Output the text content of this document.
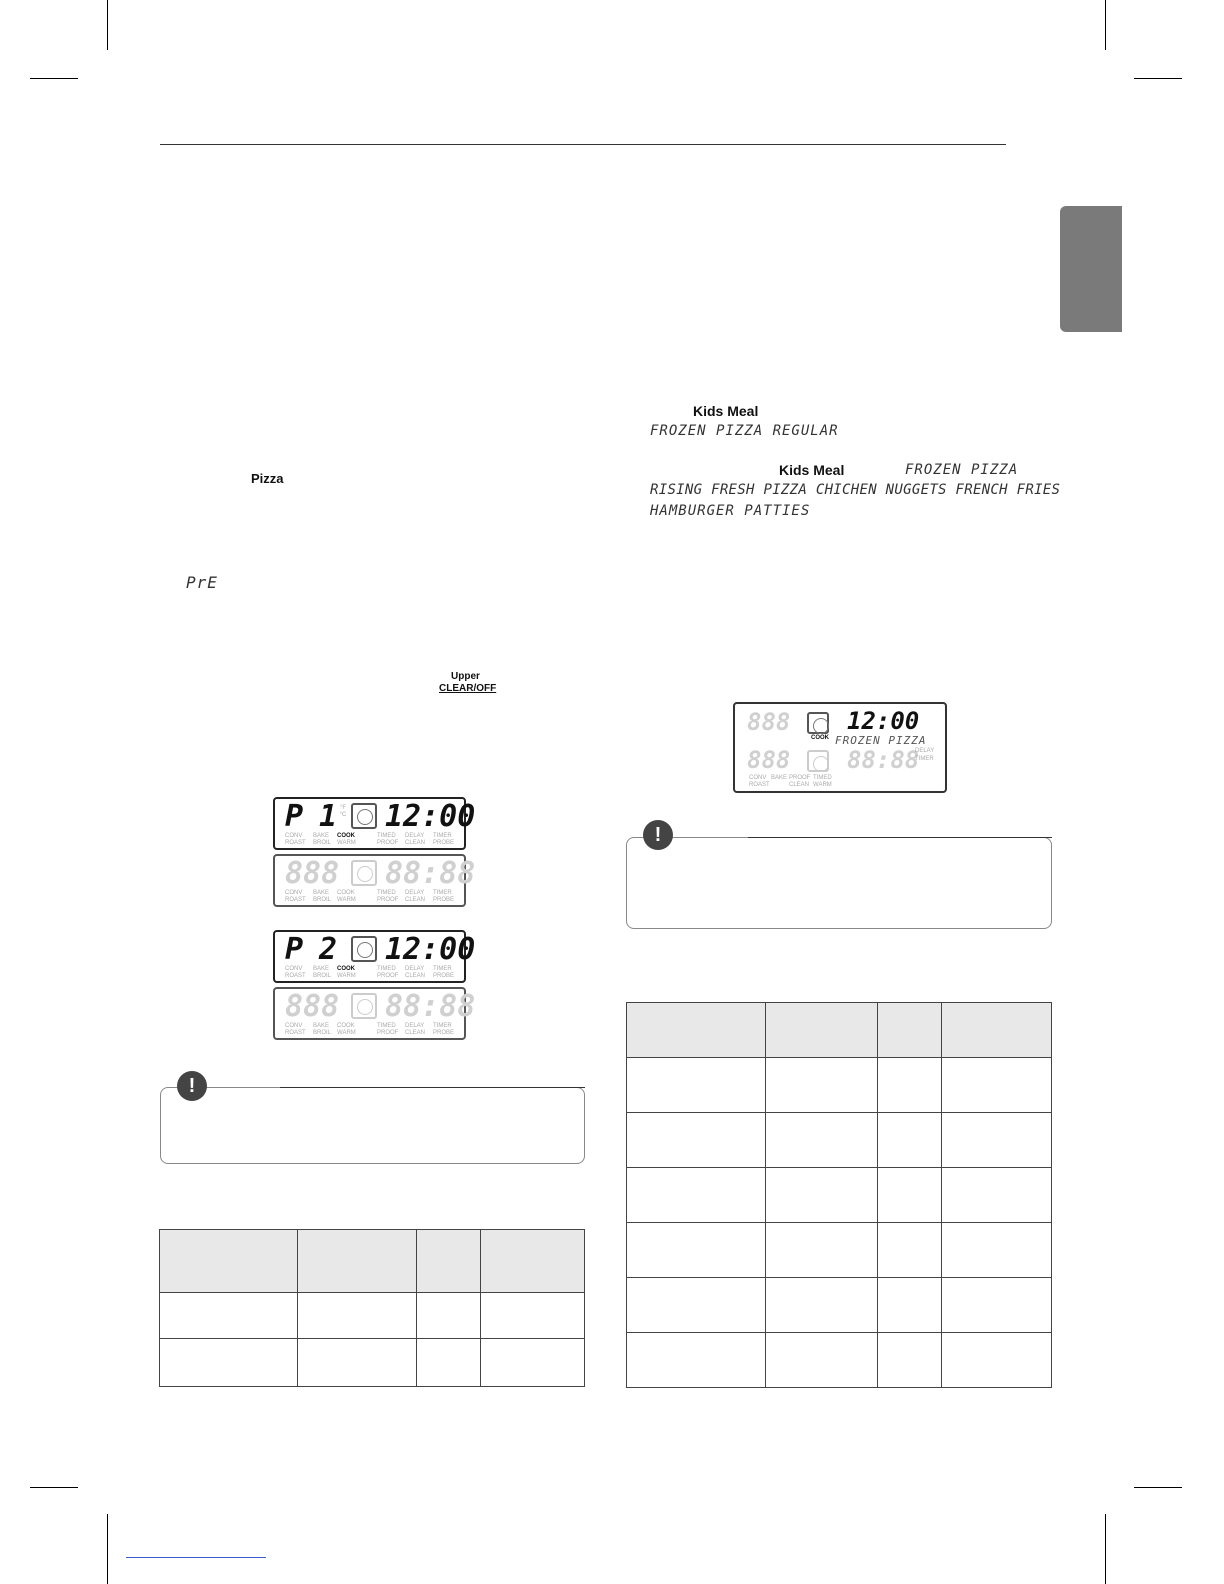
Pizza
PrE
Upper
CLEAR/OFF
Kids Meal
FROZEN PIZZA REGULAR
Kids Meal	FROZEN PIZZA
RISING FRESH PIZZA CHICHEN NUGGETS FRENCH FRIES
HAMBURGER PATTIES
P 1 °F °C 12:00
CONV
ROAST
BAKE
BROIL
COOK
WARM
TIMED
PROOF
DELAY
CLEAN
TIMER
PROBE
888 88:88
CONV
ROAST
BAKE
BROIL
COOK
WARM
TIMED
PROOF
DELAY
CLEAN
TIMER
PROBE
P 2 12:00
CONV
ROAST
BAKE
BROIL
COOK
WARM
TIMED
PROOF
DELAY
CLEAN
TIMER
PROBE
888 88:88
CONV
ROAST
BAKE
BROIL
COOK
WARM
TIMED
PROOF
DELAY
CLEAN
TIMER
PROBE
888 12:00
FROZEN PIZZA
COOK
888 88:88
CONV
ROAST
BAKE PROOF
CLEAN
TIMED
WARM
DELAY
TIMER
!
!
